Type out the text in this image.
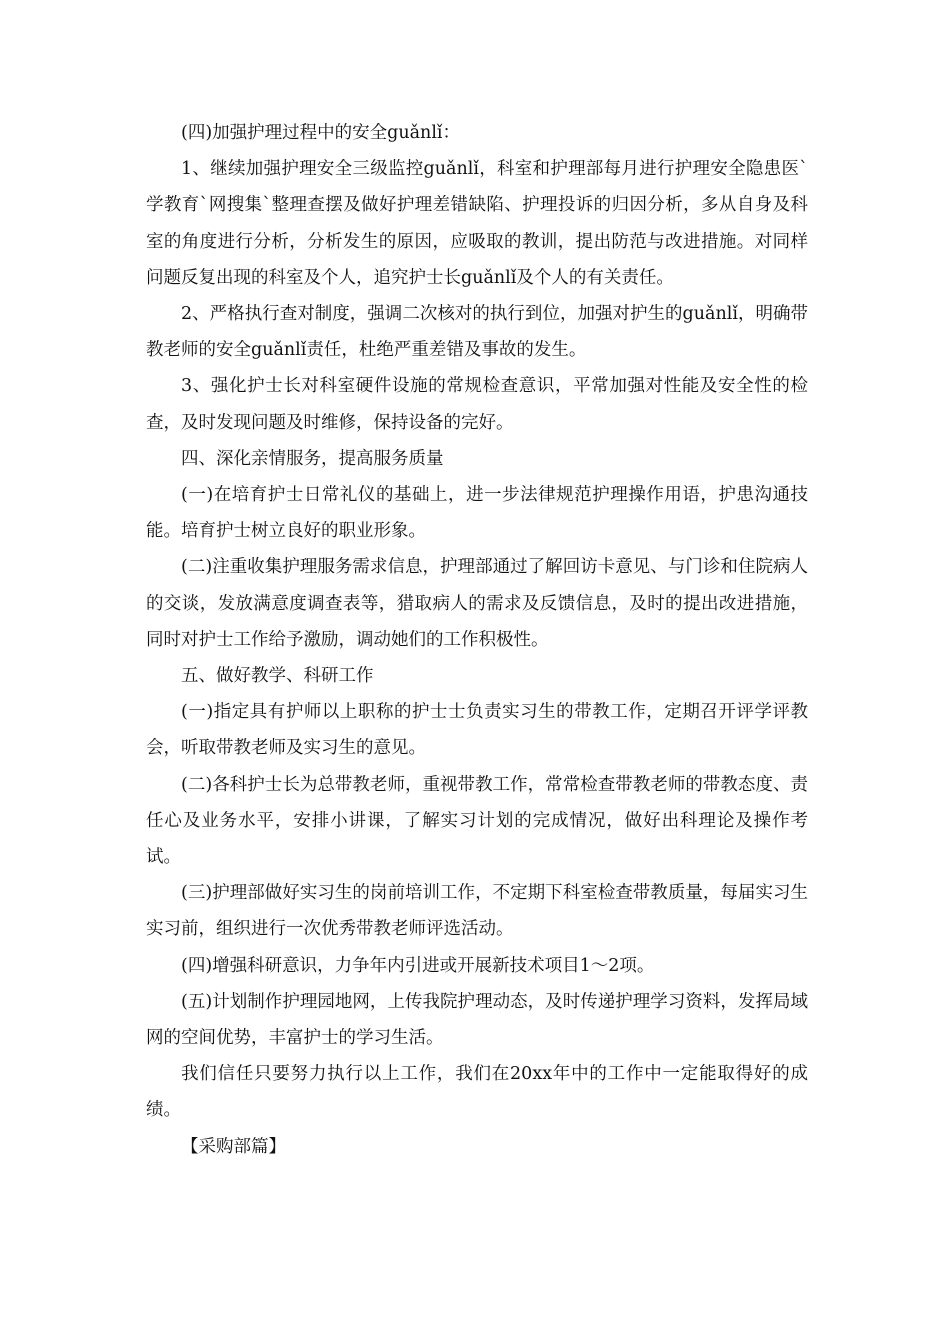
(四)加强护理过程中的安全guǎnlǐ：

1、继续加强护理安全三级监控guǎnlǐ，科室和护理部每月进行护理安全隐患医`学教育`网搜集`整理查摆及做好护理差错缺陷、护理投诉的归因分析，多从自身及科室的角度进行分析，分析发生的原因，应吸取的教训，提出防范与改进措施。对同样问题反复出现的科室及个人，追究护士长guǎnlǐ及个人的有关责任。

2、严格执行查对制度，强调二次核对的执行到位，加强对护生的guǎnlǐ，明确带教老师的安全guǎnlǐ责任，杜绝严重差错及事故的发生。

3、强化护士长对科室硬件设施的常规检查意识，平常加强对性能及安全性的检查，及时发现问题及时维修，保持设备的完好。

四、深化亲情服务，提高服务质量

(一)在培育护士日常礼仪的基础上，进一步法律规范护理操作用语，护患沟通技能。培育护士树立良好的职业形象。

(二)注重收集护理服务需求信息，护理部通过了解回访卡意见、与门诊和住院病人的交谈，发放满意度调查表等，猎取病人的需求及反馈信息，及时的提出改进措施，同时对护士工作给予激励，调动她们的工作积极性。

五、做好教学、科研工作

(一)指定具有护师以上职称的护士士负责实习生的带教工作，定期召开评学评教会，听取带教老师及实习生的意见。

(二)各科护士长为总带教老师，重视带教工作，常常检查带教老师的带教态度、责任心及业务水平，安排小讲课，了解实习计划的完成情况，做好出科理论及操作考试。

(三)护理部做好实习生的岗前培训工作，不定期下科室检查带教质量，每届实习生实习前，组织进行一次优秀带教老师评选活动。

(四)增强科研意识，力争年内引进或开展新技术项目1～2项。

(五)计划制作护理园地网，上传我院护理动态，及时传递护理学习资料，发挥局域网的空间优势，丰富护士的学习生活。

我们信任只要努力执行以上工作，我们在20xx年中的工作中一定能取得好的成绩。

【采购部篇】
